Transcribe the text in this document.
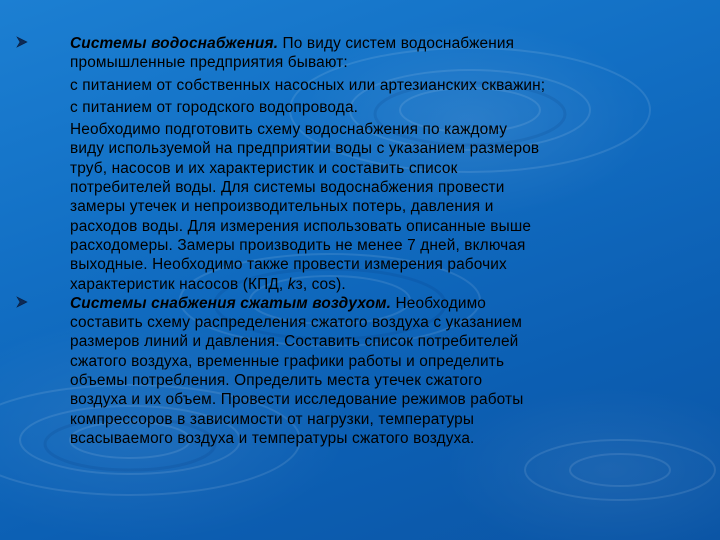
Системы водоснабжения. По виду систем водоснабжения

промышленные предприятия бывают:

с питанием от собственных насосных или артезианских скважин;

с питанием от городского водопровода.

Необходимо подготовить схему водоснабжения по каждому

виду используемой на предприятии воды с указанием размеров

труб, насосов и их характеристик и составить список

потребителей воды. Для системы водоснабжения провести

замеры утечек и непроизводительных потерь, давления и

расходов воды. Для измерения использовать описанные выше

расходомеры. Замеры производить не менее 7 дней, включая

выходные. Необходимо также провести измерения рабочих

характеристик насосов (КПД, kз, cos).

Системы снабжения сжатым воздухом. Необходимо

составить схему распределения сжатого воздуха с указанием

размеров линий и давления. Составить список потребителей

сжатого воздуха, временные графики работы и определить

объемы потребления. Определить места утечек сжатого

воздуха и их объем. Провести исследование режимов работы

компрессоров в зависимости от нагрузки, температуры

всасываемого воздуха и температуры сжатого воздуха.
